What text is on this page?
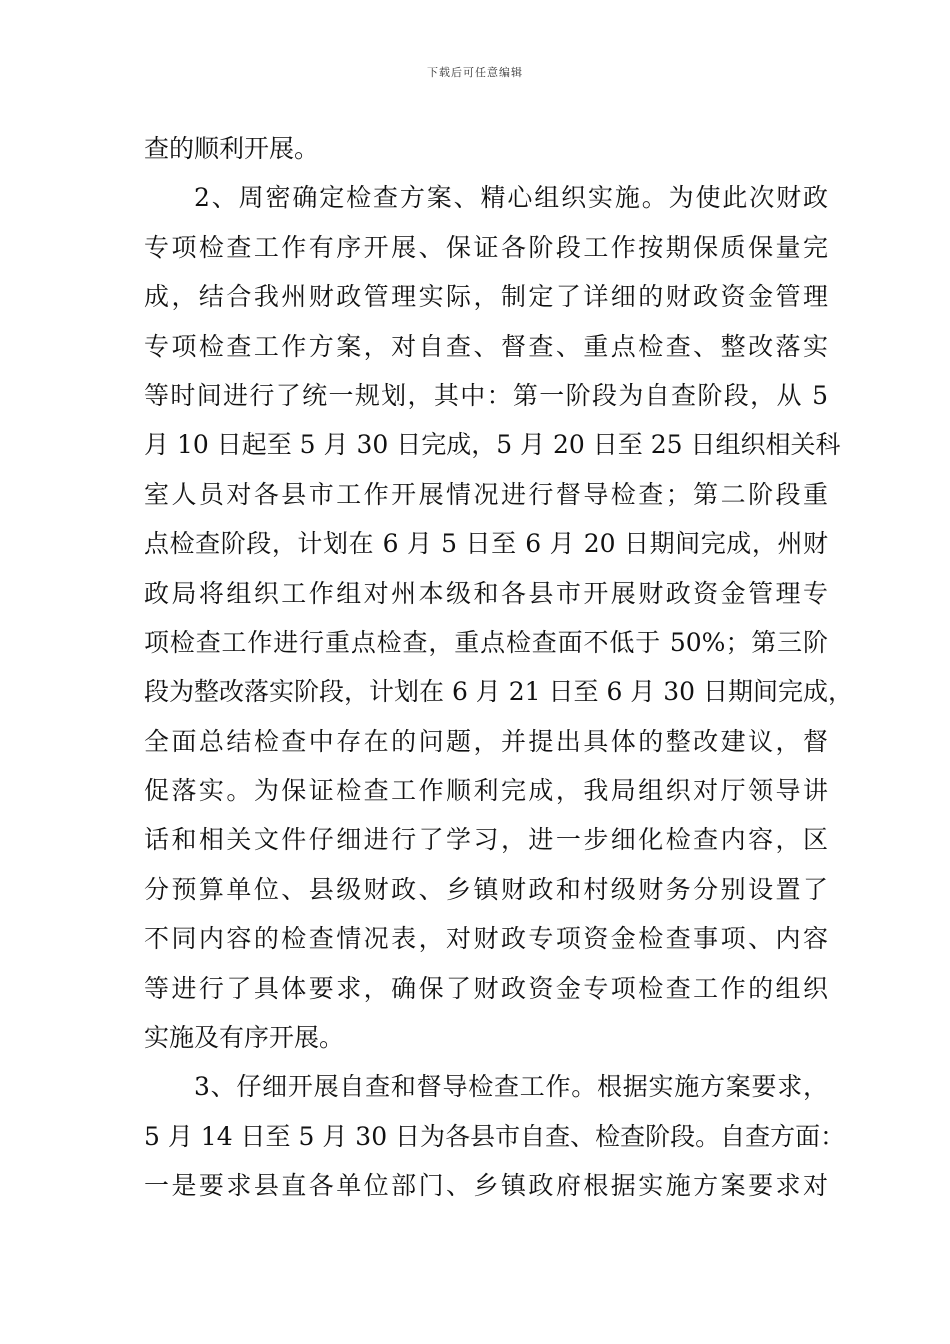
下载后可任意编辑
查的顺利开展。
2、周密确定检查方案、精心组织实施。为使此次财政
专项检查工作有序开展、保证各阶段工作按期保质保量完
成，结合我州财政管理实际，制定了详细的财政资金管理
专项检查工作方案，对自查、督查、重点检查、整改落实
等时间进行了统一规划，其中：第一阶段为自查阶段，从 5
月 10 日起至 5 月 30 日完成，5 月 20 日至 25 日组织相关科
室人员对各县市工作开展情况进行督导检查；第二阶段重
点检查阶段，计划在 6 月 5 日至 6 月 20 日期间完成，州财
政局将组织工作组对州本级和各县市开展财政资金管理专
项检查工作进行重点检查，重点检查面不低于 50%；第三阶
段为整改落实阶段，计划在 6 月 21 日至 6 月 30 日期间完成，
全面总结检查中存在的问题，并提出具体的整改建议，督
促落实。为保证检查工作顺利完成，我局组织对厅领导讲
话和相关文件仔细进行了学习，进一步细化检查内容，区
分预算单位、县级财政、乡镇财政和村级财务分别设置了
不同内容的检查情况表，对财政专项资金检查事项、内容
等进行了具体要求，确保了财政资金专项检查工作的组织
实施及有序开展。
3、仔细开展自查和督导检查工作。根据实施方案要求，
5 月 14 日至 5 月 30 日为各县市自查、检查阶段。自查方面：
一是要求县直各单位部门、乡镇政府根据实施方案要求对
